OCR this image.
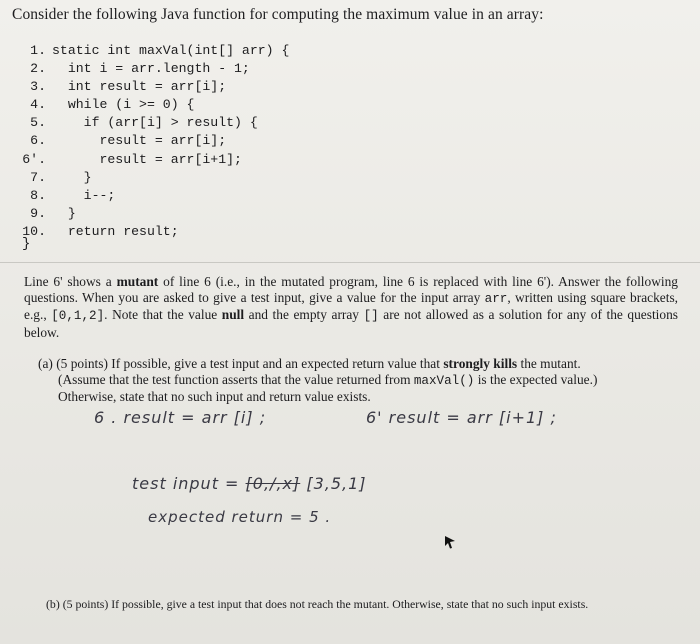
Consider the following Java function for computing the maximum value in an array:
1. static int maxVal(int[] arr) {
2.  int i = arr.length - 1;
3.  int result = arr[i];
4.  while (i >= 0) {
5.    if (arr[i] > result) {
6.      result = arr[i];
6'.      result = arr[i+1];
7.    }
8.    i--;
9.  }
10.  return result;
}
Line 6' shows a mutant of line 6 (i.e., in the mutated program, line 6 is replaced with line 6'). Answer the following questions. When you are asked to give a test input, give a value for the input array arr, written using square brackets, e.g., [0,1,2]. Note that the value null and the empty array [] are not allowed as a solution for any of the questions below.
(a) (5 points) If possible, give a test input and an expected return value that strongly kills the mutant.
(Assume that the test function asserts that the value returned from maxVal() is the expected value.)
Otherwise, state that no such input and return value exists.
6 . result = arr [i] ;	6' result = arr [i+1] ;
test input = [0,/,x] [3,5,1]
expected return = 5 .
(b) (5 points) If possible, give a test input that does not reach the mutant. Otherwise, state that no such input exists.
